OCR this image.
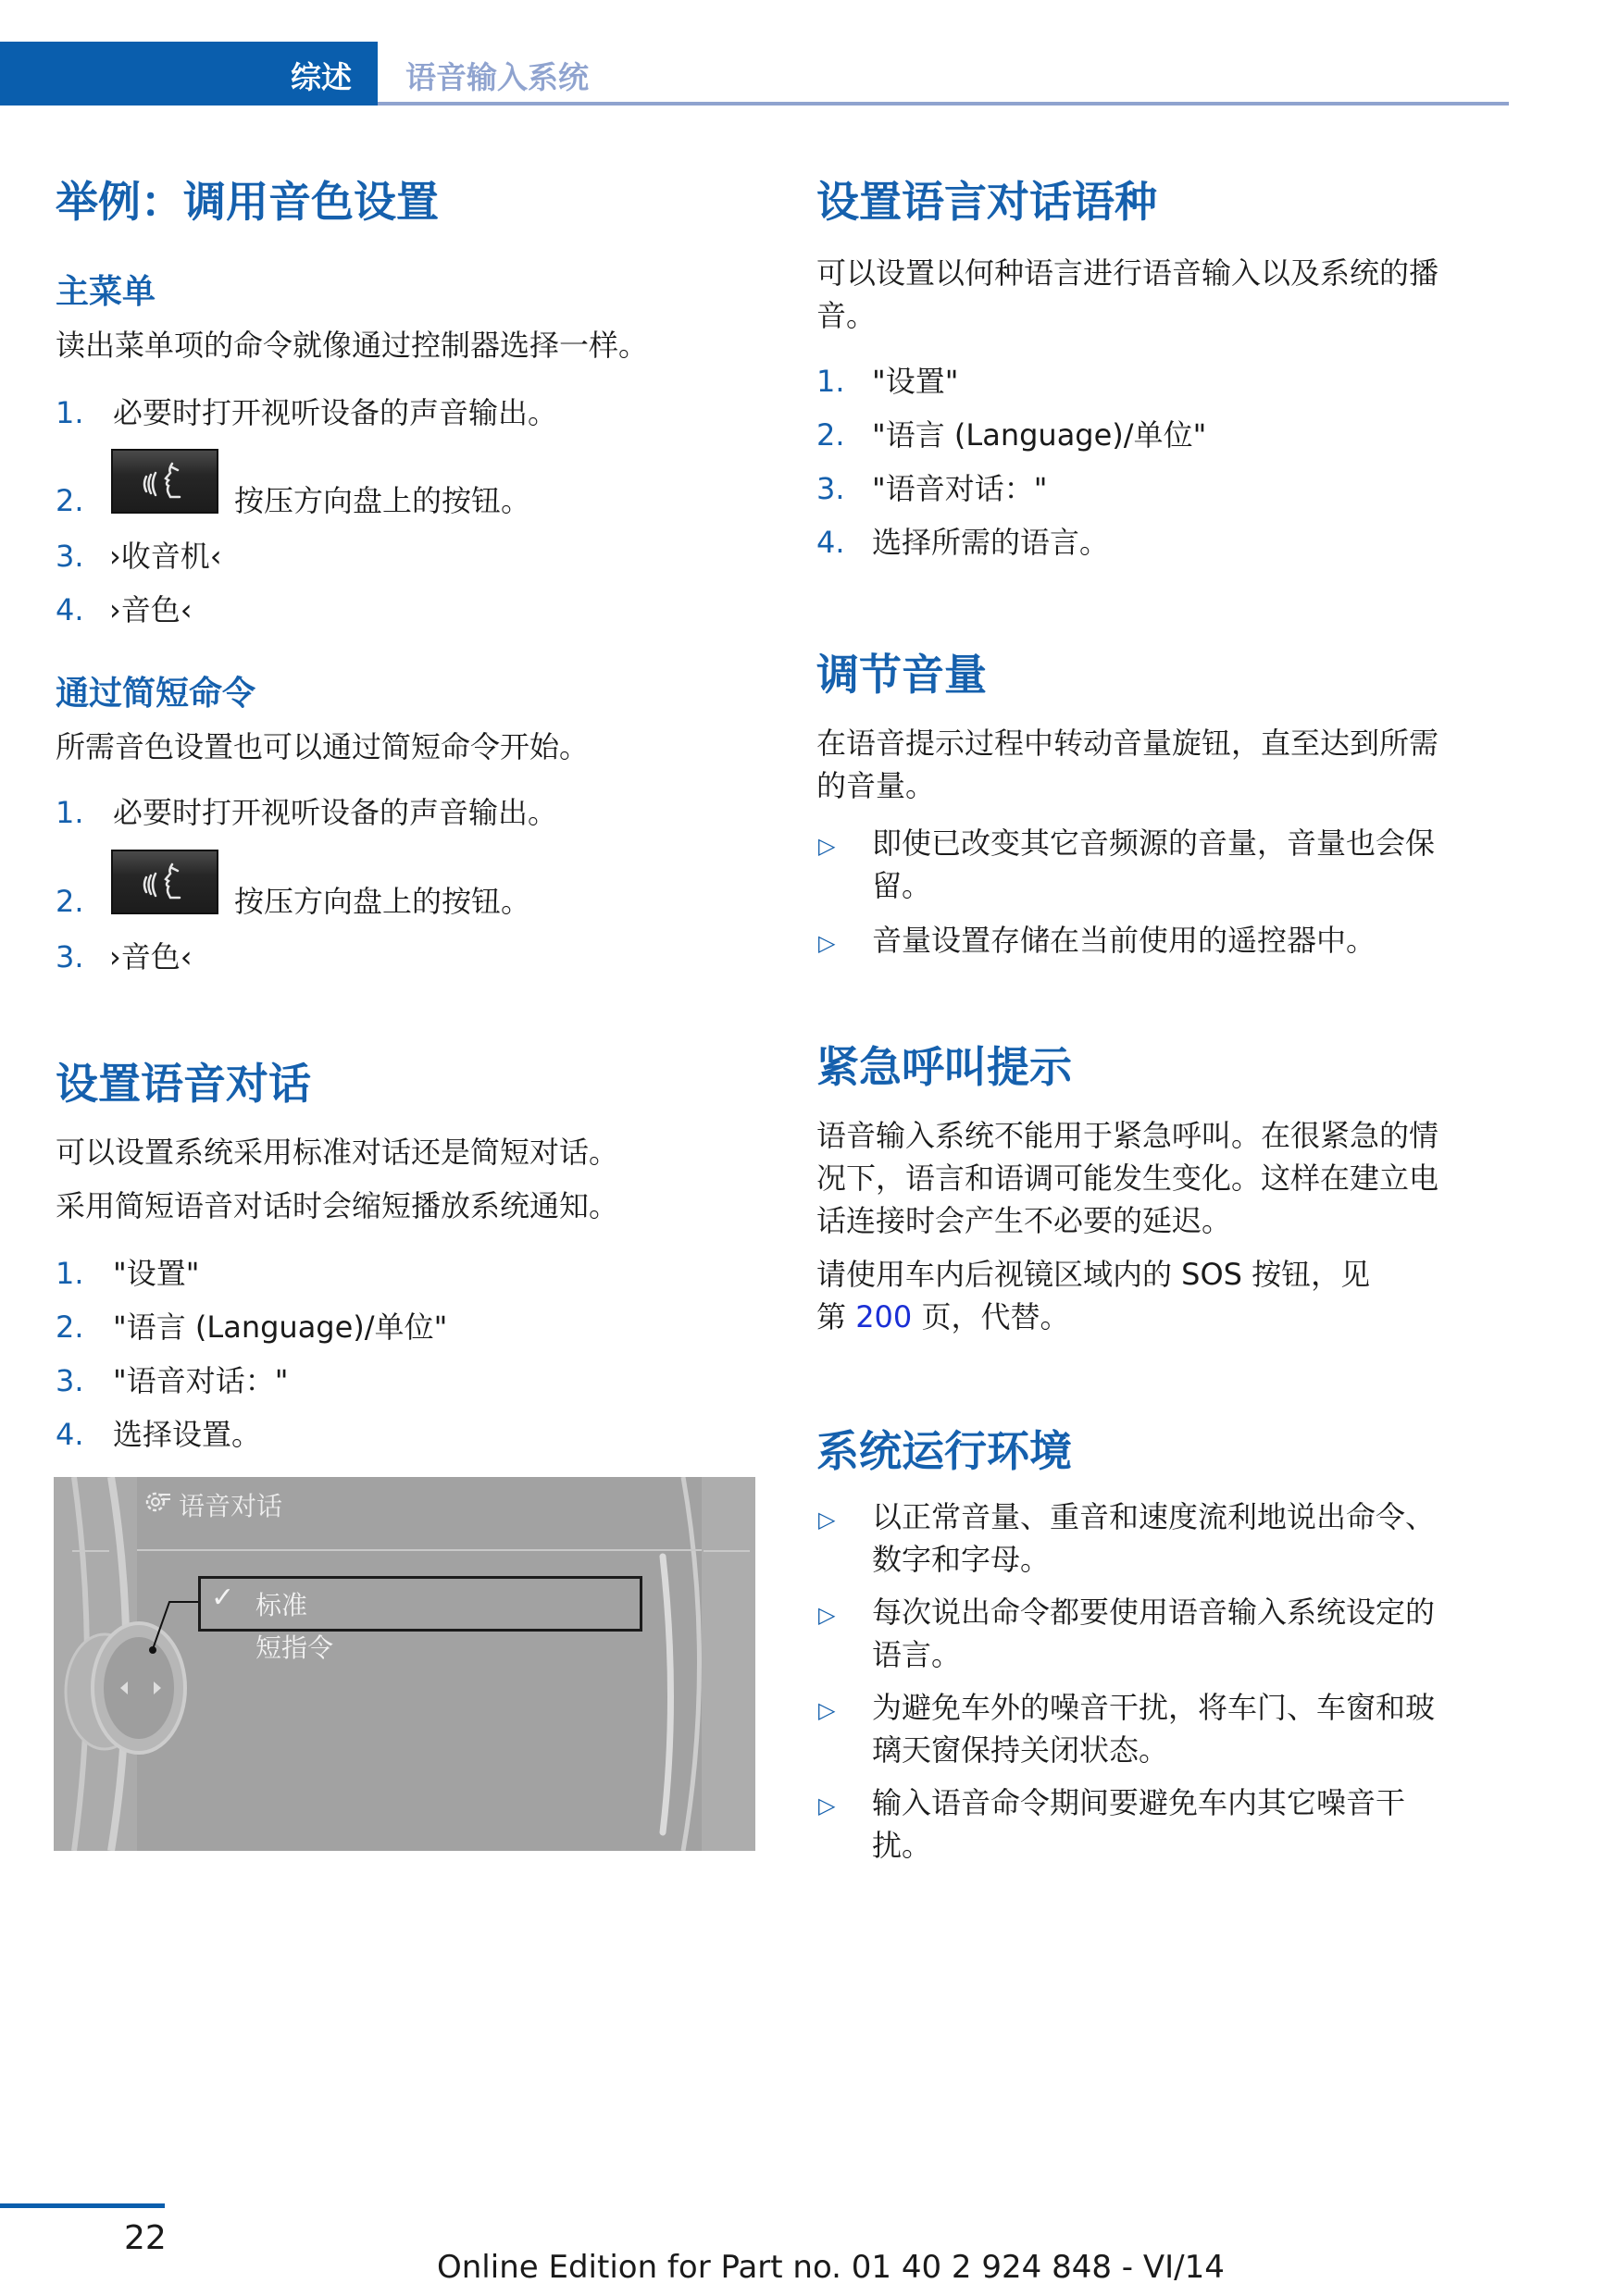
综述 语音输入系统
举例：调用音色设置
主菜单
读出菜单项的命令就像通过控制器选择一样。
1. 必要时打开视听设备的声音输出。
2.	按压方向盘上的按钮。
3. ›收音机‹
4. ›音色‹
通过简短命令
所需音色设置也可以通过简短命令开始。
1. 必要时打开视听设备的声音输出。
2.	按压方向盘上的按钮。
3. ›音色‹
设置语音对话
可以设置系统采用标准对话还是简短对话。
采用简短语音对话时会缩短播放系统通知。
1. "设置"
2. "语言 (Language)/单位"
3. "语音对话："
4. 选择设置。
语音对话
✓ 标准
短指令
设置语言对话语种
可以设置以何种语言进行语音输入以及系统的播
音。
1. "设置"
2. "语言 (Language)/单位"
3. "语音对话："
4. 选择所需的语言。
调节音量
在语音提示过程中转动音量旋钮，直至达到所需
的音量。
▷ 即使已改变其它音频源的音量，音量也会保
留。
▷ 音量设置存储在当前使用的遥控器中。
紧急呼叫提示
语音输入系统不能用于紧急呼叫。在很紧急的情
况下，语言和语调可能发生变化。这样在建立电
话连接时会产生不必要的延迟。
请使用车内后视镜区域内的 SOS 按钮，见
第 200 页，代替。
系统运行环境
▷ 以正常音量、重音和速度流利地说出命令、
数字和字母。
▷ 每次说出命令都要使用语音输入系统设定的
语言。
▷ 为避免车外的噪音干扰，将车门、车窗和玻
璃天窗保持关闭状态。
▷ 输入语音命令期间要避免车内其它噪音干
扰。
22
Online Edition for Part no. 01 40 2 924 848 - VI/14
